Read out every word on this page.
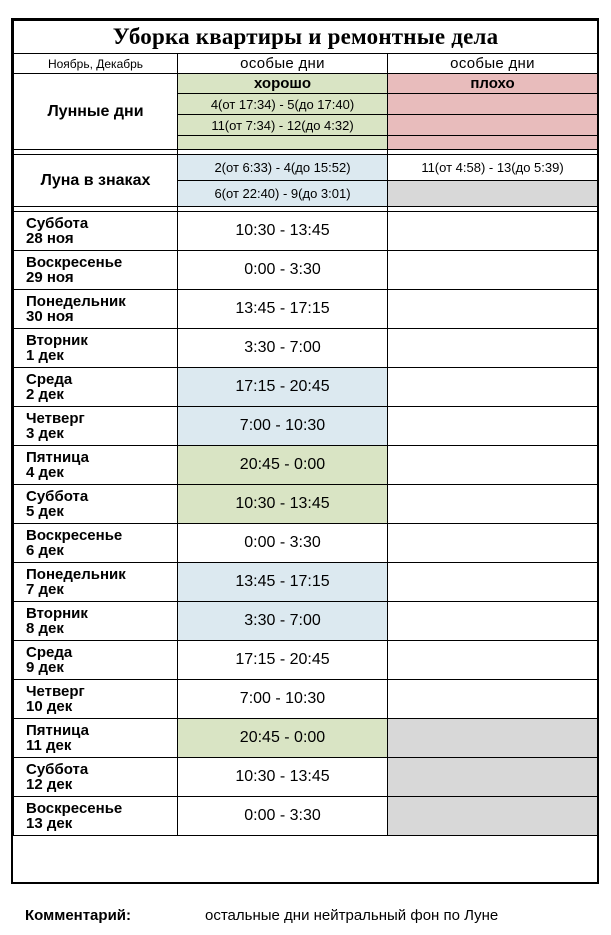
Уборка квартиры и ремонтные дела		
Ноябрь, Декабрь	особые дни	особые дни
Лунные дни	хорошо	плохо
	4(от 17:34) - 5(до 17:40)	
	11(от 7:34) - 12(до 4:32)	

Луна в знаках	2(от 6:33) - 4(до 15:52)	11(от 4:58) - 13(до 5:39)
	6(от 22:40) - 9(до 3:01)	

Суббота
28 ноя	10:30 - 13:45	

Воскресенье
29 ноя	0:00 - 3:30	

Понедельник
30 ноя	13:45 - 17:15	

Вторник
1 дек	3:30 - 7:00	

Среда
2 дек	17:15 - 20:45	

Четверг
3 дек	7:00 - 10:30	

Пятница
4 дек	20:45 - 0:00	

Суббота
5 дек	10:30 - 13:45	

Воскресенье
6 дек	0:00 - 3:30	

Понедельник
7 дек	13:45 - 17:15	

Вторник
8 дек	3:30 - 7:00	

Среда
9 дек	17:15 - 20:45	

Четверг
10 дек	7:00 - 10:30	

Пятница
11 дек	20:45 - 0:00	

Суббота
12 дек	10:30 - 13:45	

Воскресенье
13 дек	0:00 - 3:30	
Комментарий:	остальные дни нейтральный фон по Луне
